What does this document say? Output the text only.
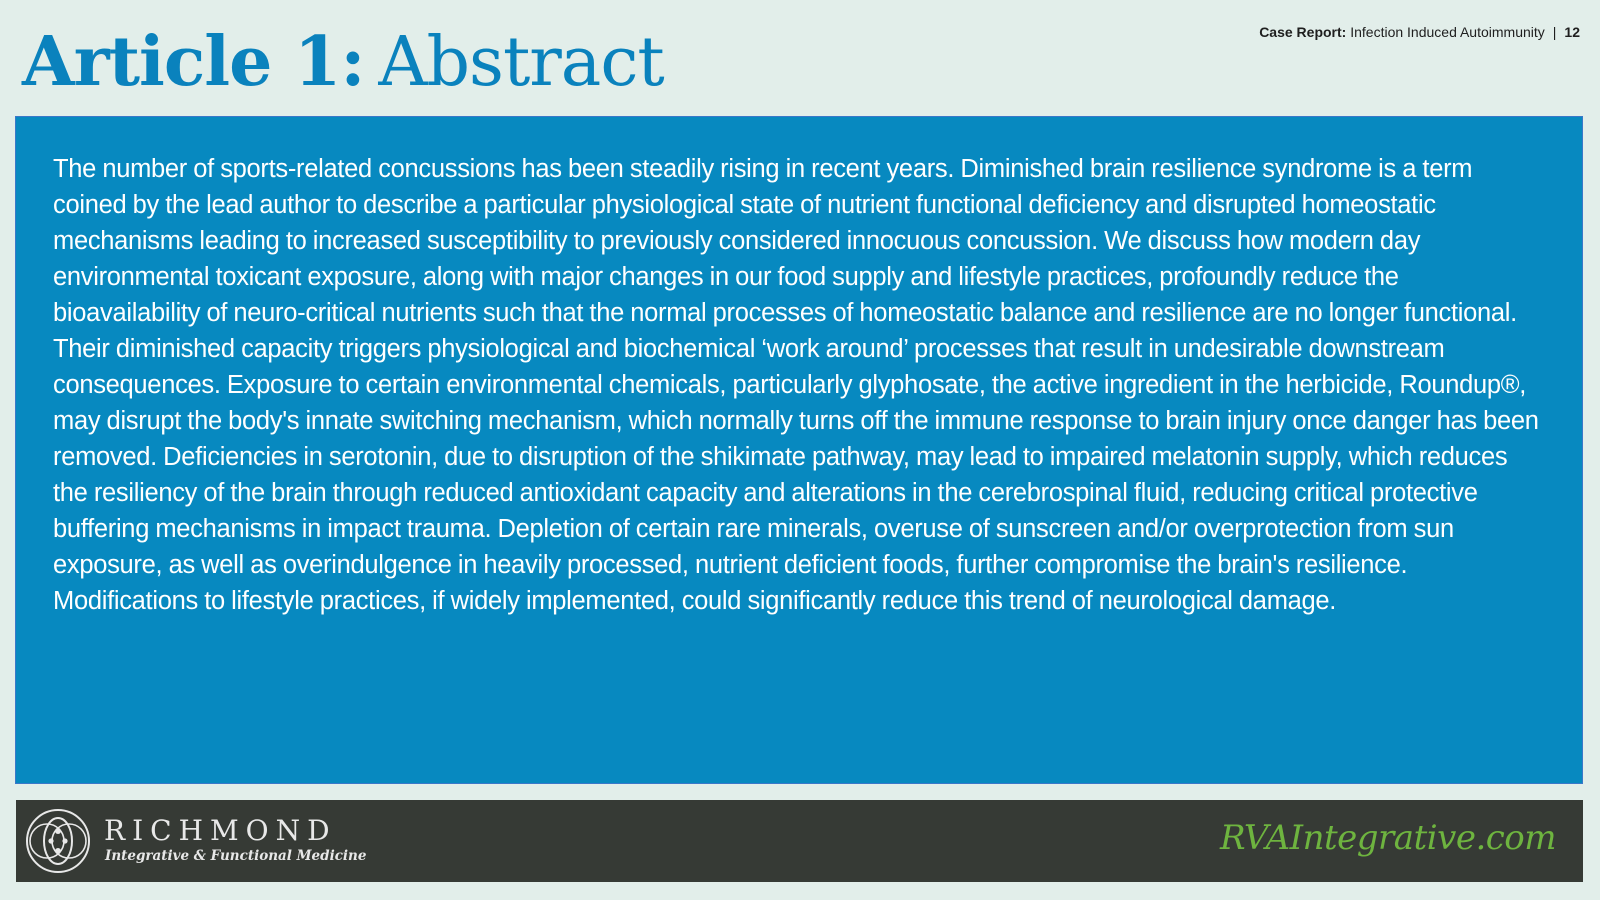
Article 1: Abstract	Case Report: Infection Induced Autoimmunity | 12

The number of sports-related concussions has been steadily rising in recent years. Diminished brain resilience syndrome is a term coined by the lead author to describe a particular physiological state of nutrient functional deficiency and disrupted homeostatic mechanisms leading to increased susceptibility to previously considered innocuous concussion. We discuss how modern day environmental toxicant exposure, along with major changes in our food supply and lifestyle practices, profoundly reduce the bioavailability of neuro-critical nutrients such that the normal processes of homeostatic balance and resilience are no longer functional. Their diminished capacity triggers physiological and biochemical ‘work around’ processes that result in undesirable downstream consequences. Exposure to certain environmental chemicals, particularly glyphosate, the active ingredient in the herbicide, Roundup®, may disrupt the body's innate switching mechanism, which normally turns off the immune response to brain injury once danger has been removed. Deficiencies in serotonin, due to disruption of the shikimate pathway, may lead to impaired melatonin supply, which reduces the resiliency of the brain through reduced antioxidant capacity and alterations in the cerebrospinal fluid, reducing critical protective buffering mechanisms in impact trauma. Depletion of certain rare minerals, overuse of sunscreen and/or overprotection from sun exposure, as well as overindulgence in heavily processed, nutrient deficient foods, further compromise the brain's resilience. Modifications to lifestyle practices, if widely implemented, could significantly reduce this trend of neurological damage.

RICHMOND
Integrative & Functional Medicine	RVAIntegrative.com
